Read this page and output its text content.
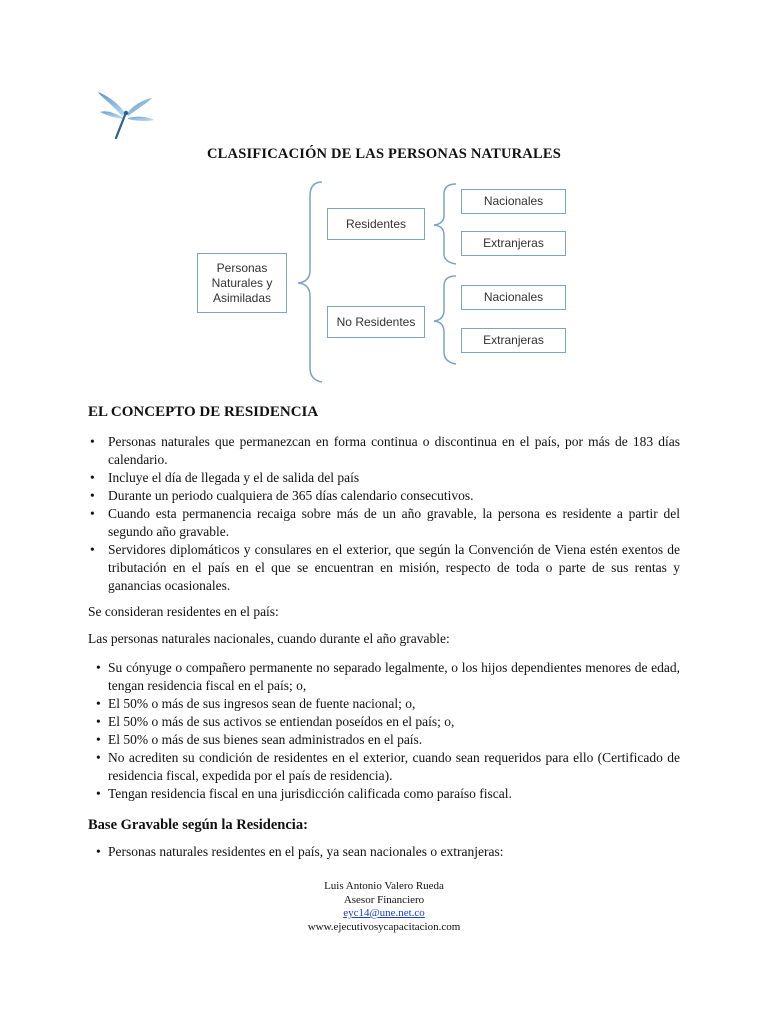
CLASIFICACIÓN DE LAS PERSONAS NATURALES
Personas Naturales y Asimiladas
Residentes
No Residentes
Nacionales
Extranjeras
Nacionales
Extranjeras
EL CONCEPTO DE RESIDENCIA
• Personas naturales que permanezcan en forma continua o discontinua en el país, por más de 183 días calendario.
• Incluye el día de llegada y el de salida del país
• Durante un periodo cualquiera de 365 días calendario consecutivos.
• Cuando esta permanencia recaiga sobre más de un año gravable, la persona es residente a partir del segundo año gravable.
• Servidores diplomáticos y consulares en el exterior, que según la Convención de Viena estén exentos de tributación en el país en el que se encuentran en misión, respecto de toda o parte de sus rentas y ganancias ocasionales.
Se consideran residentes en el país:
Las personas naturales nacionales, cuando durante el año gravable:
• Su cónyuge o compañero permanente no separado legalmente, o los hijos dependientes menores de edad, tengan residencia fiscal en el país; o,
• El 50% o más de sus ingresos sean de fuente nacional; o,
• El 50% o más de sus activos se entiendan poseídos en el país; o,
• El 50% o más de sus bienes sean administrados en el país.
• No acrediten su condición de residentes en el exterior, cuando sean requeridos para ello (Certificado de residencia fiscal, expedida por el país de residencia).
• Tengan residencia fiscal en una jurisdicción calificada como paraíso fiscal.
Base Gravable según la Residencia:
• Personas naturales residentes en el país, ya sean nacionales o extranjeras:
Luis Antonio Valero Rueda
Asesor Financiero
eyc14@une.net.co
www.ejecutivosycapacitacion.com
